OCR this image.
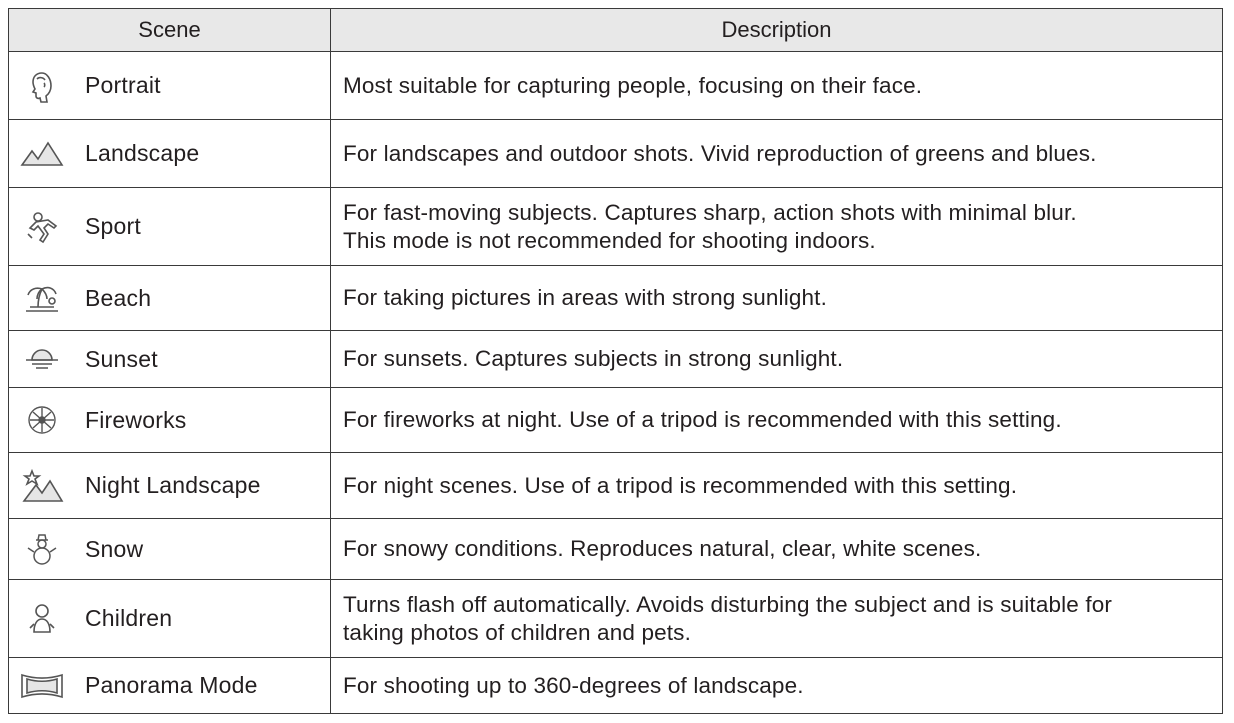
Scene	Description

Portrait	Most suitable for capturing people, focusing on their face.

Landscape	For landscapes and outdoor shots. Vivid reproduction of greens and blues.

Sport	For fast-moving subjects. Captures sharp, action shots with minimal blur.
This mode is not recommended for shooting indoors.

Beach	For taking pictures in areas with strong sunlight.

Sunset	For sunsets. Captures subjects in strong sunlight.

Fireworks	For fireworks at night. Use of a tripod is recommended with this setting.

Night Landscape	For night scenes. Use of a tripod is recommended with this setting.

Snow	For snowy conditions. Reproduces natural, clear, white scenes.

Children	Turns flash off automatically. Avoids disturbing the subject and is suitable for
taking photos of children and pets.

Panorama Mode	For shooting up to 360-degrees of landscape.
